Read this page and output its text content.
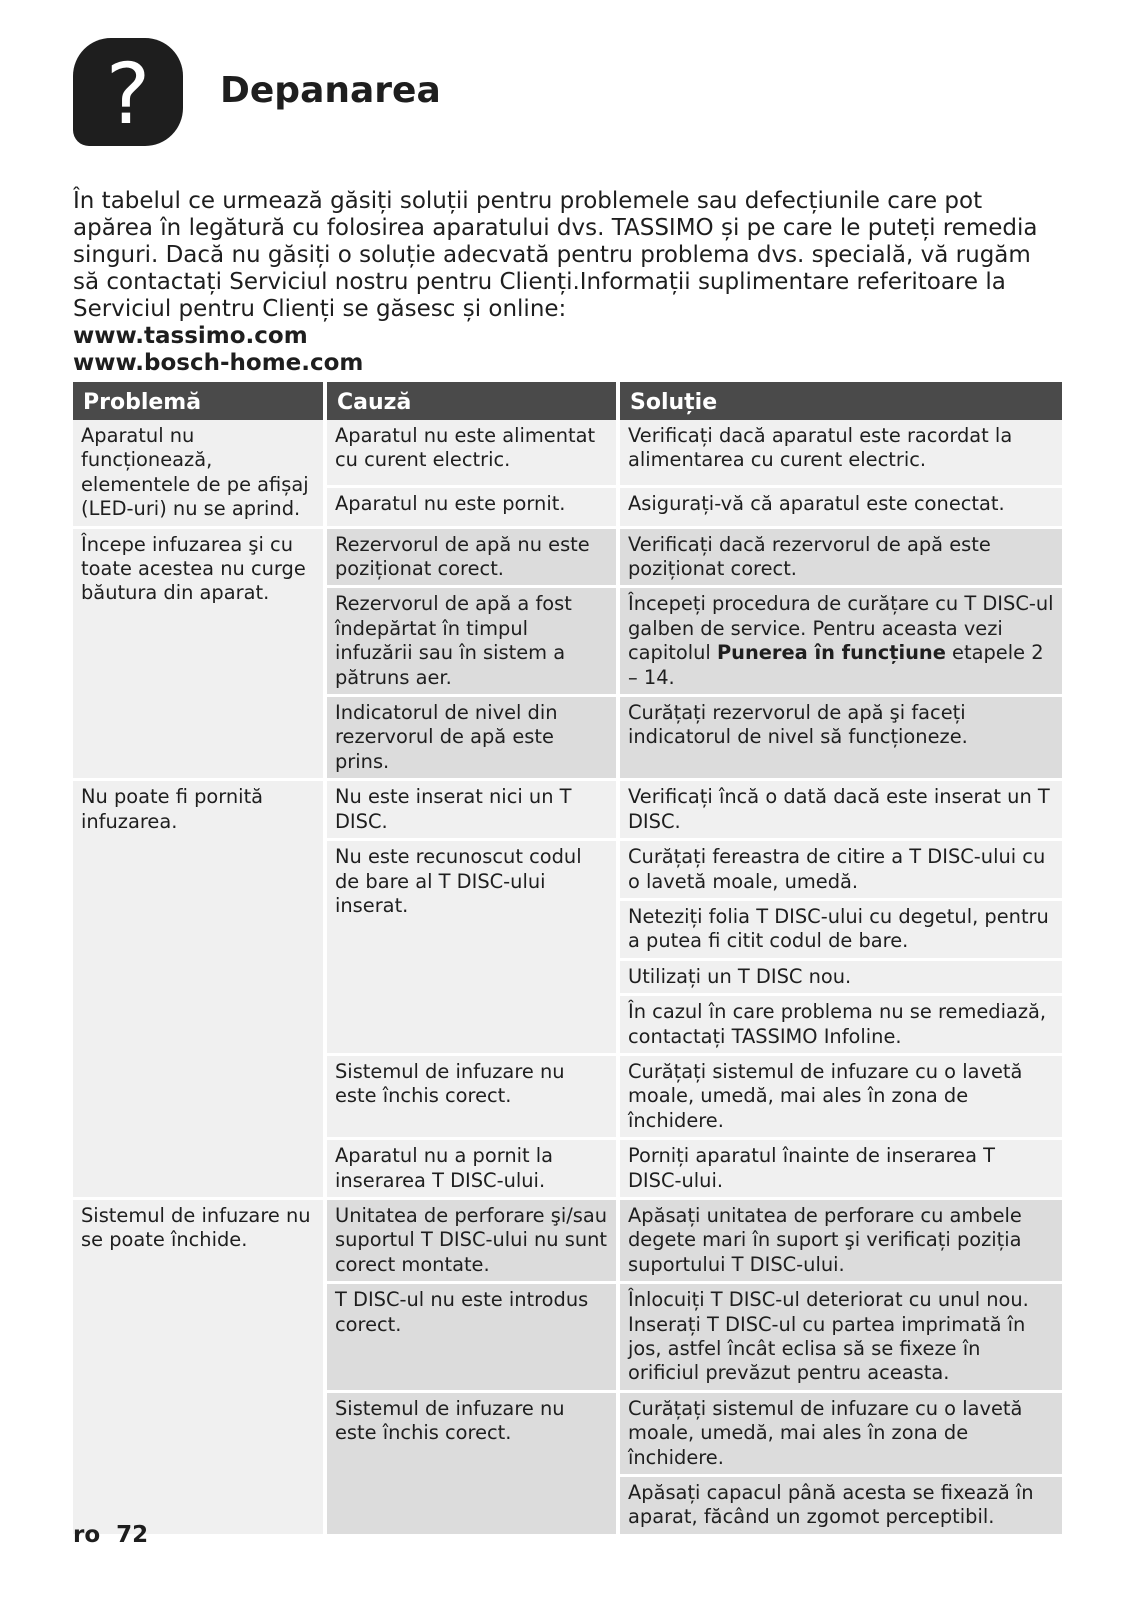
? Depanarea

În tabelul ce urmează găsiți soluții pentru problemele sau defecțiunile care pot apărea în legătură cu folosirea aparatului dvs. TASSIMO și pe care le puteți remedia singuri. Dacă nu găsiți o soluție adecvată pentru problema dvs. specială, vă rugăm să contactați Serviciul nostru pentru Clienți.Informații suplimentare referitoare la Serviciul pentru Clienți se găsesc și online:

www.tassimo.com
www.bosch-home.com
Problemă	Cauză	Soluție
Aparatul nu funcționează, elementele de pe afișaj (LED-uri) nu se aprind.	Aparatul nu este alimentat cu curent electric.	Verificați dacă aparatul este racordat la alimentarea cu curent electric.
	Aparatul nu este pornit.	Asigurați-vă că aparatul este conectat.
Începe infuzarea şi cu toate acestea nu curge băutura din aparat.	Rezervorul de apă nu este poziționat corect.	Verificați dacă rezervorul de apă este poziționat corect.
	Rezervorul de apă a fost îndepărtat în timpul infuzării sau în sistem a pătruns aer.	Începeți procedura de curățare cu T DISC-ul galben de service. Pentru aceasta vezi capitolul Punerea în funcțiune etapele 2 – 14.
	Indicatorul de nivel din rezervorul de apă este prins.	Curățați rezervorul de apă şi faceți indicatorul de nivel să funcționeze.
Nu poate fi pornită infuzarea.	Nu este inserat nici un T DISC.	Verificați încă o dată dacă este inserat un T DISC.
	Nu este recunoscut codul de bare al T DISC-ului inserat.	Curățați fereastra de citire a T DISC-ului cu o lavetă moale, umedă.
		Neteziți folia T DISC-ului cu degetul, pentru a putea fi citit codul de bare.
		Utilizați un T DISC nou.
		În cazul în care problema nu se remediază, contactați TASSIMO Infoline.
	Sistemul de infuzare nu este închis corect.	Curățați sistemul de infuzare cu o lavetă moale, umedă, mai ales în zona de închidere.
	Aparatul nu a pornit la inserarea T DISC-ului.	Porniți aparatul înainte de inserarea T DISC-ului.
Sistemul de infuzare nu se poate închide.	Unitatea de perforare şi/sau suportul T DISC-ului nu sunt corect montate.	Apăsați unitatea de perforare cu ambele degete mari în suport şi verificați poziția suportului T DISC-ului.
	T DISC-ul nu este introdus corect.	Înlocuiți T DISC-ul deteriorat cu unul nou. Inserați T DISC-ul cu partea imprimată în jos, astfel încât eclisa să se fixeze în orificiul prevăzut pentru aceasta.
	Sistemul de infuzare nu este închis corect.	Curățați sistemul de infuzare cu o lavetă moale, umedă, mai ales în zona de închidere.
		Apăsați capacul până acesta se fixează în aparat, făcând un zgomot perceptibil.
ro 72
